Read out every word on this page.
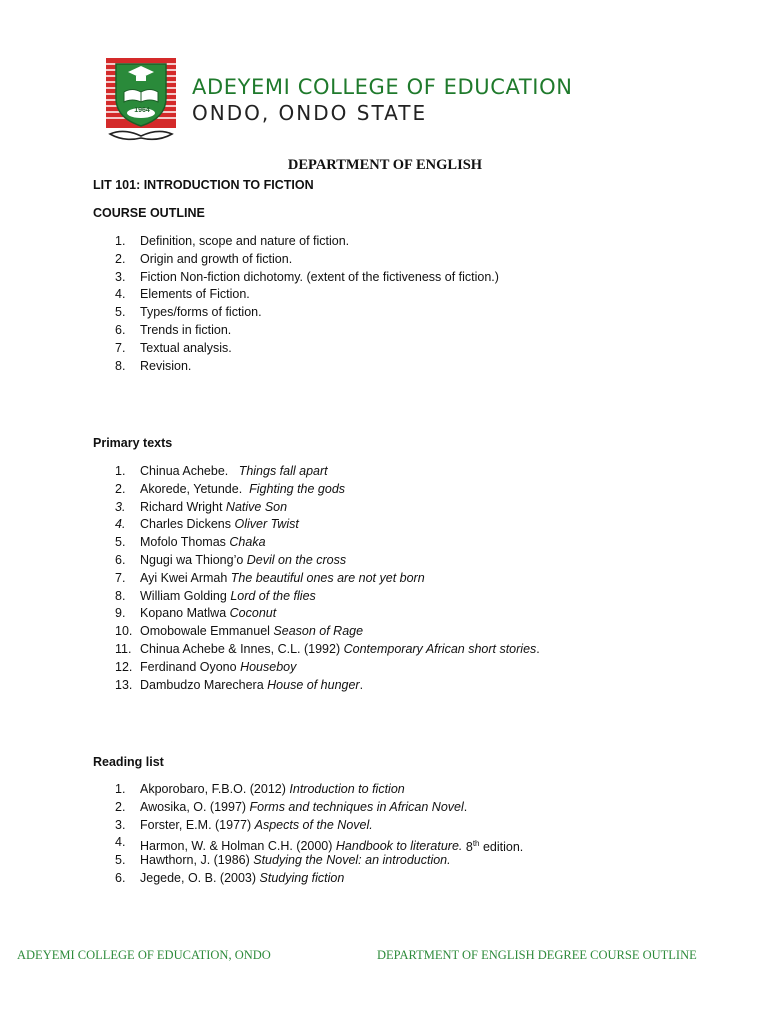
1964
ADEYEMI COLLEGE OF EDUCATION
ONDO, ONDO STATE
DEPARTMENT OF ENGLISH
LIT 101: INTRODUCTION TO FICTION
COURSE OUTLINE
1.	Definition, scope and nature of fiction.
2.	Origin and growth of fiction.
3.	Fiction Non-fiction dichotomy. (extent of the fictiveness of fiction.)
4.	Elements of Fiction.
5.	Types/forms of fiction.
6.	Trends in fiction.
7.	Textual analysis.
8.	Revision.
Primary texts
1.	Chinua Achebe.   Things fall apart
2.	Akorede, Yetunde.  Fighting the gods
3.	Richard Wright Native Son
4.	Charles Dickens Oliver Twist
5.	Mofolo Thomas Chaka
6.	Ngugi wa Thiong’o Devil on the cross
7.	Ayi Kwei Armah The beautiful ones are not yet born
8.	William Golding Lord of the flies
9.	Kopano Matlwa Coconut
10. Omobowale Emmanuel Season of Rage
11. Chinua Achebe & Innes, C.L. (1992) Contemporary African short stories.
12. Ferdinand Oyono Houseboy
13. Dambudzo Marechera House of hunger.
Reading list
1.	Akporobaro, F.B.O. (2012) Introduction to fiction
2.	Awosika, O. (1997) Forms and techniques in African Novel.
3.	Forster, E.M. (1977) Aspects of the Novel.
4.	Harmon, W. & Holman C.H. (2000) Handbook to literature. 8th edition.
5.	Hawthorn, J. (1986) Studying the Novel: an introduction.
6.	Jegede, O. B. (2003) Studying fiction
ADEYEMI COLLEGE OF EDUCATION, ONDO	DEPARTMENT OF ENGLISH DEGREE COURSE OUTLINE
